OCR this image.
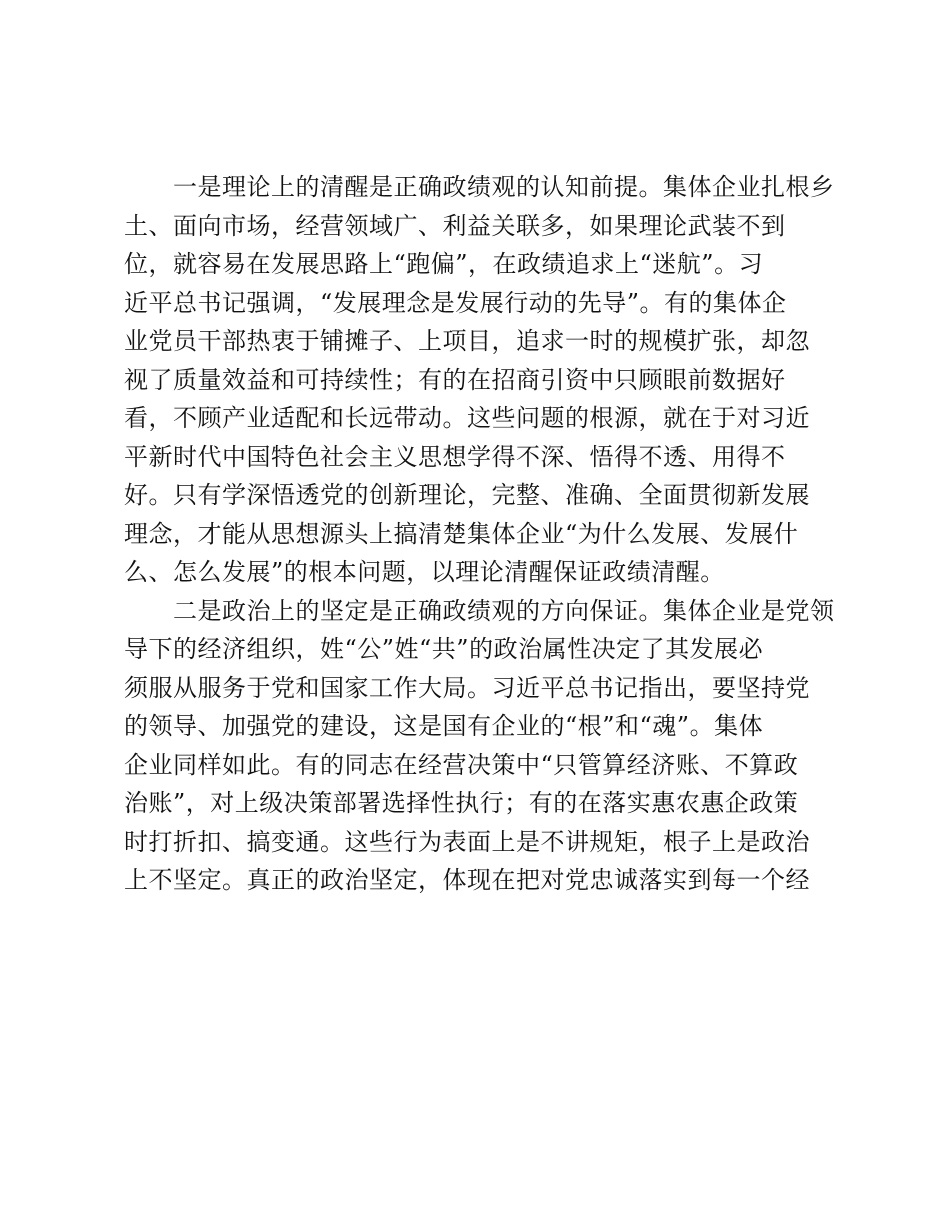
　　一是理论上的清醒是正确政绩观的认知前提。集体企业扎根乡
土、面向市场，经营领域广、利益关联多，如果理论武装不到
位，就容易在发展思路上“跑偏”，在政绩追求上“迷航”。习
近平总书记强调，“发展理念是发展行动的先导”。有的集体企
业党员干部热衷于铺摊子、上项目，追求一时的规模扩张，却忽
视了质量效益和可持续性；有的在招商引资中只顾眼前数据好
看，不顾产业适配和长远带动。这些问题的根源，就在于对习近
平新时代中国特色社会主义思想学得不深、悟得不透、用得不
好。只有学深悟透党的创新理论，完整、准确、全面贯彻新发展
理念，才能从思想源头上搞清楚集体企业“为什么发展、发展什
么、怎么发展”的根本问题，以理论清醒保证政绩清醒。
　　二是政治上的坚定是正确政绩观的方向保证。集体企业是党领
导下的经济组织，姓“公”姓“共”的政治属性决定了其发展必
须服从服务于党和国家工作大局。习近平总书记指出，要坚持党
的领导、加强党的建设，这是国有企业的“根”和“魂”。集体
企业同样如此。有的同志在经营决策中“只管算经济账、不算政
治账”，对上级决策部署选择性执行；有的在落实惠农惠企政策
时打折扣、搞变通。这些行为表面上是不讲规矩，根子上是政治
上不坚定。真正的政治坚定，体现在把对党忠诚落实到每一个经
